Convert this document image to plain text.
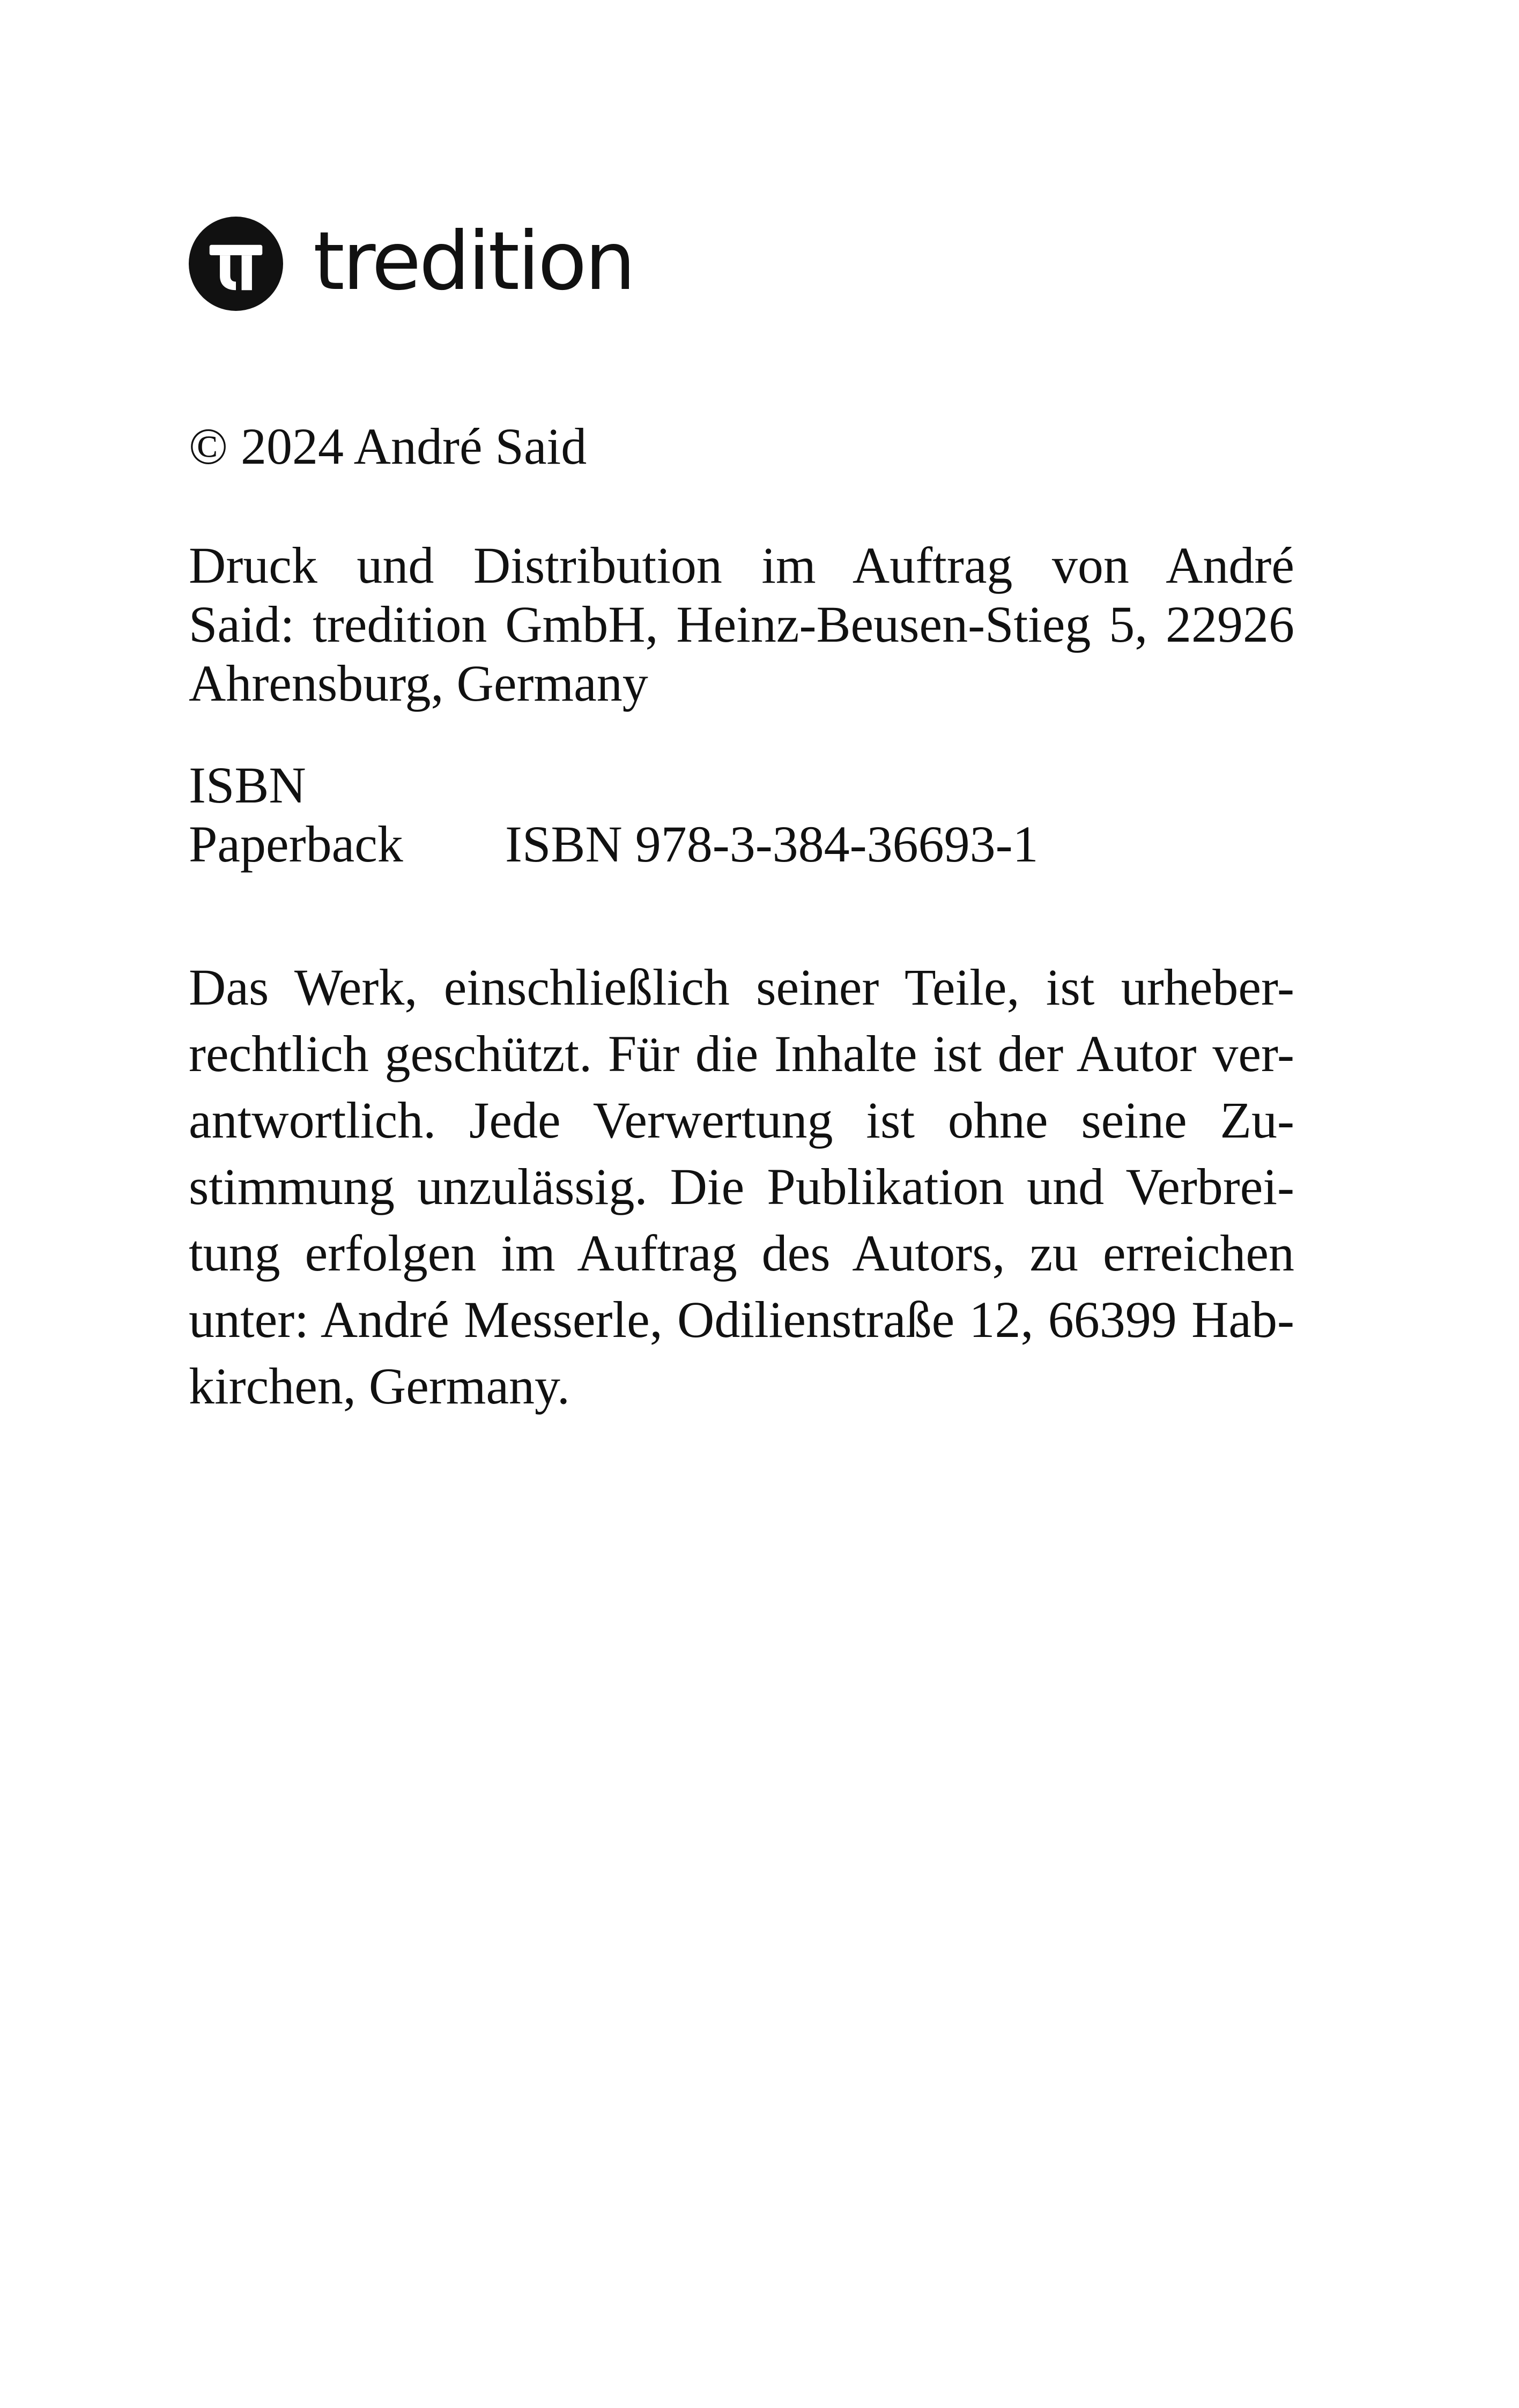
tredition

© 2024 André Said

Druck und Distribution im Auftrag von André
Said: tredition GmbH, Heinz-Beusen-Stieg 5, 22926
Ahrensburg, Germany

ISBN
Paperback	ISBN 978-3-384-36693-1

Das Werk, einschließlich seiner Teile, ist urheber-
rechtlich geschützt. Für die Inhalte ist der Autor ver-
antwortlich. Jede Verwertung ist ohne seine Zu-
stimmung unzulässig. Die Publikation und Verbrei-
tung erfolgen im Auftrag des Autors, zu erreichen
unter: André Messerle, Odilienstraße 12, 66399 Hab-
kirchen, Germany.
